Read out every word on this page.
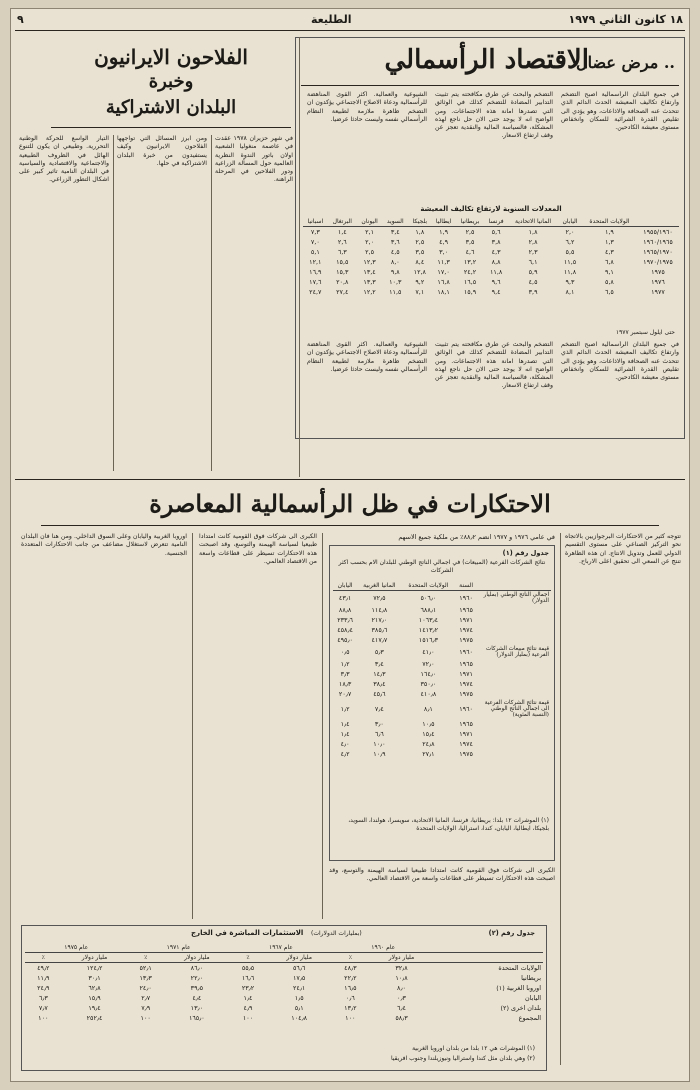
١٨ كانون الثاني ١٩٧٩
الطليعة
٩
الاقتصاد الرأسمالي
.. مرض عضال
في جميع البلدان الرأسمالية اصبح التضخم وارتفاع تكاليف المعيشة الحدث الدائم الذي تتحدث عنه الصحافة والاذاعات، وهو يؤدي الى تقليص القدرة الشرائية للسكان وانخفاض مستوى معيشة الكادحين.
التضخم والبحث عن طرق مكافحته يتم تثبيت التدابير المضادة للتضخم كذلك في الوثائق التي تصدرها امانة هذه الاجتماعات. ومن الواضح انه لا يوجد حتى الان حل ناجع لهذه المشكلة، فالسياسة المالية والنقدية تعجز عن وقف ارتفاع الاسعار.
الشيوعية والعمالية. اكثر القوى المناهضة للرأسمالية ودعاة الاصلاح الاجتماعي يؤكدون ان التضخم ظاهرة ملازمة لطبيعة النظام الرأسمالي نفسه وليست حادثا عرضيا.
المعدلات السنوية لارتفاع تكاليف المعيشة
	الولايات المتحدة	اليابان	المانيا الاتحادية	فرنسا	بريطانيا	ايطاليا	بلجيكا	السويد	اليونان	البرتغال	اسبانيا
١٩٥٥/١٩٦٠	١,٩	٢,٠	١,٨	٥,٦	٢,٥	١,٩	١,٨	٣,٤	٢,١	١,٤	٧,٣
١٩٦٠/١٩٦٥	١,٣	٦,٢	٢,٨	٣,٨	٣,٥	٤,٩	٢,٥	٣,٦	٢,٠	٢,٦	٧,٠
١٩٦٥/١٩٧٠	٤,٣	٥,٥	٢,٣	٤,٣	٤,٦	٣,٠	٣,٥	٤,٥	٢,٥	٦,٣	٥,١
١٩٧٠/١٩٧٥	٦,٨	١١,٥	٦,١	٨,٨	١٣,٢	١١,٣	٨,٤	٨,٠	١٢,٣	١٥,٥	١٢,١
١٩٧٥	٩,١	١١,٨	٥,٩	١١,٨	٢٤,٢	١٧,٠	١٢,٨	٩,٨	١٣,٤	١٥,٣	١٦,٩
١٩٧٦	٥,٨	٩,٣	٤,٥	٩,٦	١٦,٥	١٦,٨	٩,٢	١٠,٣	١٣,٣	٢٠,٨	١٧,٦
١٩٧٧	٦,٥	٨,١	٣,٩	٩,٤	١٥,٩	١٨,١	٧,١	١١,٥	١٢,٢	٢٧,٤	٢٤,٧
حتى ايلول سبتمبر ١٩٧٧
في جميع البلدان الرأسمالية اصبح التضخم وارتفاع تكاليف المعيشة الحدث الدائم الذي تتحدث عنه الصحافة والاذاعات، وهو يؤدي الى تقليص القدرة الشرائية للسكان وانخفاض مستوى معيشة الكادحين.
التضخم والبحث عن طرق مكافحته يتم تثبيت التدابير المضادة للتضخم كذلك في الوثائق التي تصدرها امانة هذه الاجتماعات. ومن الواضح انه لا يوجد حتى الان حل ناجع لهذه المشكلة، فالسياسة المالية والنقدية تعجز عن وقف ارتفاع الاسعار.
الشيوعية والعمالية. اكثر القوى المناهضة للرأسمالية ودعاة الاصلاح الاجتماعي يؤكدون ان التضخم ظاهرة ملازمة لطبيعة النظام الرأسمالي نفسه وليست حادثا عرضيا.
الفلاحون الايرانيون
وخبرة
البلدان الاشتراكية
التيار الواسع للحركة الوطنية التحررية. وطبيعي ان يكون للتنوع الهائل في الظروف الطبيعية والاجتماعية والاقتصادية والسياسية في البلدان النامية تاثير كبير على اشكال التطور الزراعي.
ومن ابرز المسائل التي تواجهها الفلاحون الايرانيون وكيف يستفيدون من خبرة البلدان الاشتراكية في حلها.
في شهر حزيران ١٩٧٨ عقدت في عاصمة منغوليا الشعبية اولان باتور الندوة النظرية العالمية حول المسألة الزراعية ودور الفلاحين في المرحلة الراهنة.
الاحتكارات في ظل الرأسمالية المعاصرة
تتوجه كثير من الاحتكارات البرجوازيين بالاتجاه نحو التركيز الصناعي على مستوى التقسيم الدولي للعمل وتدويل الانتاج. ان هذه الظاهرة تنتج عن السعي الى تحقيق اعلى الارباح.
في عامي ١٩٧٦ و ١٩٧٧ انضم ٨٨٫٢٪ من ملكية جميع الاسهم
جدول رقم (١)
نتائج الشركات الفرعية (المبيعات) في اجمالي الناتج الوطني للبلدان الام بحسب اكثر الشركات
	السنة	الولايات المتحدة	المانيا الغربية	اليابان
اجمالي الناتج الوطني (بمليار الدولار)	١٩٦٠	٥٠٦٫٠	٧٢٫٥	٤٣٫١
	١٩٦٥	٦٨٨٫١	١١٤٫٨	٨٨٫٨
	١٩٧١	١٠٦٣٫٤	٢١٧٫٠	٢٣٣٫٦
	١٩٧٤	١٤١٣٫٢	٣٨٥٫٦	٤٥٨٫٤
	١٩٧٥	١٥١٦٫٣	٤١٧٫٧	٤٩٥٫٠
قيمة نتائج مبيعات الشركات الفرعية (بمليار الدولار)	١٩٦٠	٤١٫٠	٥٫٣	٠٫٥
	١٩٦٥	٧٢٫٠	٣٫٤	١٫٢
	١٩٧١	١٦٤٫٠	١٤٫٣	٣٫٣
	١٩٧٤	٣٥٠٫٠	٣٨٫٤	١٨٫٣
	١٩٧٥	٤١٠٫٨	٤٥٫٦	٢٠٫٧
قيمة نتائج الشركات الفرعية الى اجمالي الناتج الوطني (النسبة المئوية)	١٩٦٠	٨٫١	٧٫٤	١٫٢
	١٩٦٥	١٠٫٥	٣٫٠	١٫٤
	١٩٧١	١٥٫٤	٦٫٦	١٫٤
	١٩٧٤	٢٤٫٨	١٠٫٠	٤٫٠
	١٩٧٥	٢٧٫١	١٠٫٩	٤٫٢
(١) الموشرات ١٢ بلدا: بريطانيا، فرنسا، المانيا الاتحادية، سويسرا، هولندا، السويد، بلجيكا، ايطاليا، اليابان، كندا، استراليا، الولايات المتحدة
الكبرى الى شركات فوق القومية كانت امتدادا طبيعيا لسياسة الهيمنة والتوسع، وقد اصبحت هذه الاحتكارات تسيطر على قطاعات واسعة من الاقتصاد العالمي.
الكبرى الى شركات فوق القومية كانت امتدادا طبيعيا لسياسة الهيمنة والتوسع، وقد اصبحت هذه الاحتكارات تسيطر على قطاعات واسعة من الاقتصاد العالمي.
اوروبا الغربية واليابان وعلى السوق الداخلي. ومن هنا فان البلدان النامية تتعرض لاستغلال مضاعف من جانب الاحتكارات المتعددة الجنسية.
جدول رقم (٢)
الاستثمارات المباشرة في الخارج (بمليارات الدولارات)
	عام ١٩٦٠		عام ١٩٦٧		عام ١٩٧١		عام ١٩٧٥	
	مليار دولار	٪	مليار دولار	٪	مليار دولار	٪	مليار دولار	٪
الولايات المتحدة	٣٢٫٨	٤٨٫٣	٥٦٫٦	٥٥٫٥	٨٦٫٠	٥٢٫١	١٢٤٫٢	٤٩٫٢
بريطانيا	١٠٫٨	٢٢٫٢	١٧٫٥	١٦٫٦	٢٢٫٠	١٣٫٣	٣٠٫١	١١٫٩
اوروبا الغربية (١)	٨٫٠	١٦٫٥	٢٤٫١	٢٣٫٢	٣٩٫٥	٢٤٫٠	٦٢٫٨	٢٤٫٩
اليابان	٠٫٣	٠٫٦	١٫٥	١٫٤	٤٫٤	٢٫٧	١٥٫٩	٦٫٣
بلدان اخرى (٢)	٦٫٤	١٣٫٢	٥٫١	٤٫٩	١٣٫٠	٧٫٩	١٩٫٤	٧٫٧
المجموع	٥٨٫٣	١٠٠	١٠٤٫٨	١٠٠	١٦٥٫٠	١٠٠	٢٥٢٫٤	١٠٠
(١) الموشرات هي ١٢ بلدا من بلدان اوروبا الغربية
(٢) وهي بلدان مثل كندا واستراليا ونيوزيلندا وجنوب افريقيا
